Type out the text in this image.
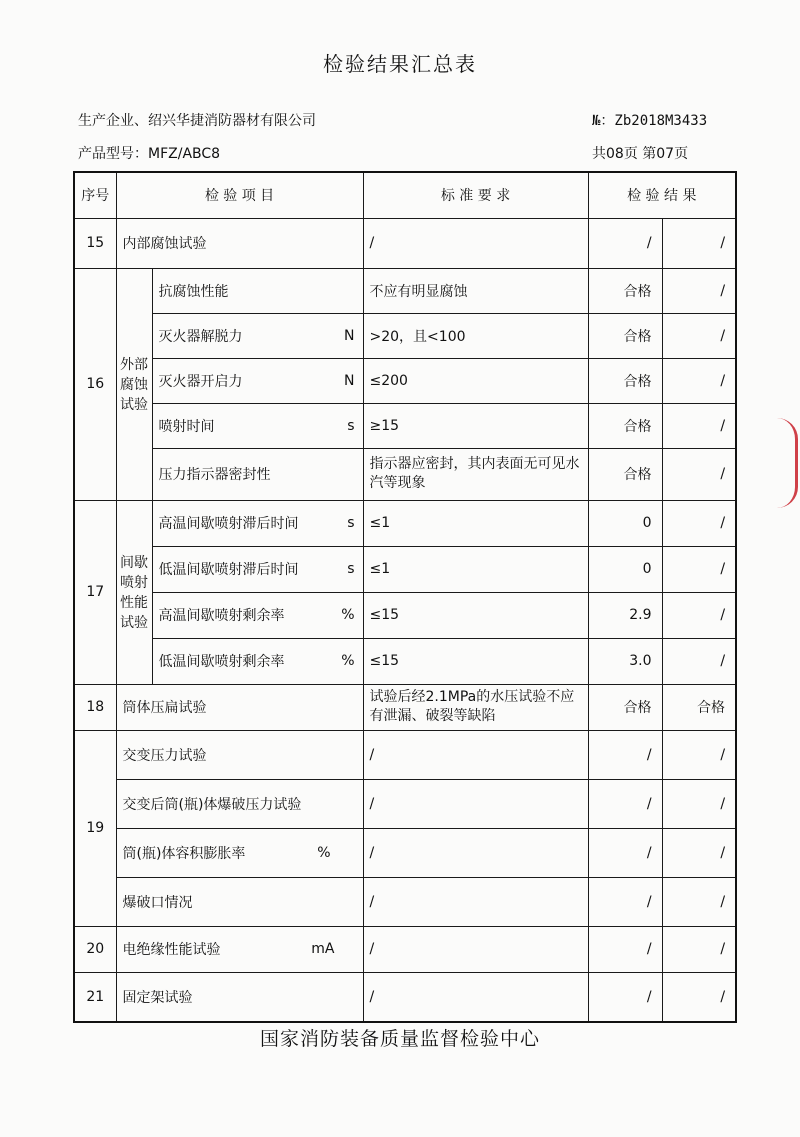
检验结果汇总表
生产企业、绍兴华捷消防器材有限公司	№：Zb2018M3433
产品型号：MFZ/ABC8	共08页 第07页
序号	检 验 项 目		标 准 要 求	检 验 结 果	
15	内部腐蚀试验		/	/	/
16	外部腐蚀试验	抗腐蚀性能	不应有明显腐蚀	合格	/

		灭火器解脱力 N	>20，且<100	合格	/

		灭火器开启力 N	≤200	合格	/

		喷射时间 s	≥15	合格	/
		压力指示器密封性	指示器应密封，其内表面无可见水汽等现象	合格	/
17	间歇喷射性能试验	高温间歇喷射滞后时间 s	≤1	0	/

		低温间歇喷射滞后时间 s	≤1	0	/

		高温间歇喷射剩余率 %	≤15	2.9	/

		低温间歇喷射剩余率 %	≤15	3.0	/
18	筒体压扁试验		试验后经2.1MPa的水压试验不应有泄漏、破裂等缺陷	合格	合格
19	交变压力试验		/	/	/
	交变后筒(瓶)体爆破压力试验		/	/	/

	筒(瓶)体容积膨胀率 %		/	/	/
	爆破口情况		/	/	/
20	电绝缘性能试验 mA		/	/	/
21	固定架试验		/	/	/
国家消防装备质量监督检验中心
